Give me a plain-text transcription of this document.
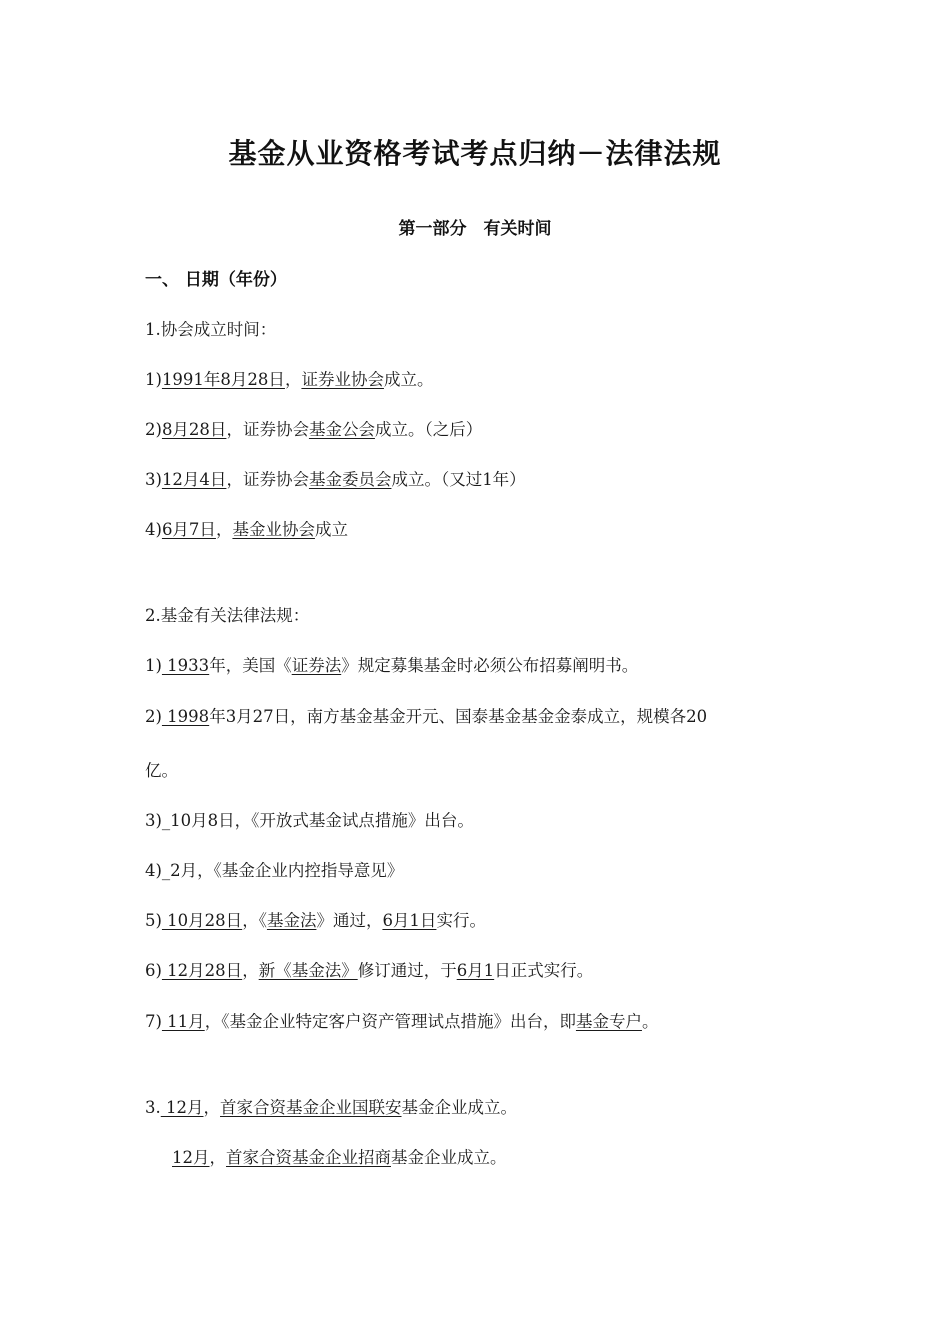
基金从业资格考试考点归纳－法律法规
第一部分　有关时间
一、 日期（年份）
1.协会成立时间：
1)1991年8月28日，证券业协会成立。
2)8月28日，证券协会基金公会成立。（之后）
3)12月4日，证券协会基金委员会成立。（又过1年）
4)6月7日，基金业协会成立
2.基金有关法律法规：
1) 1933年，美国《证券法》规定募集基金时必须公布招募阐明书。
2) 1998年3月27日，南方基金基金开元、国泰基金基金金泰成立，规模各20
亿。
3)_10月8日，《开放式基金试点措施》出台。
4)_2月，《基金企业内控指导意见》
5) 10月28日，《基金法》通过，6月1日实行。
6) 12月28日，新《基金法》修订通过，于6月1日正式实行。
7) 11月，《基金企业特定客户资产管理试点措施》出台，即基金专户。
3. 12月，首家合资基金企业国联安基金企业成立。
12月，首家合资基金企业招商基金企业成立。
